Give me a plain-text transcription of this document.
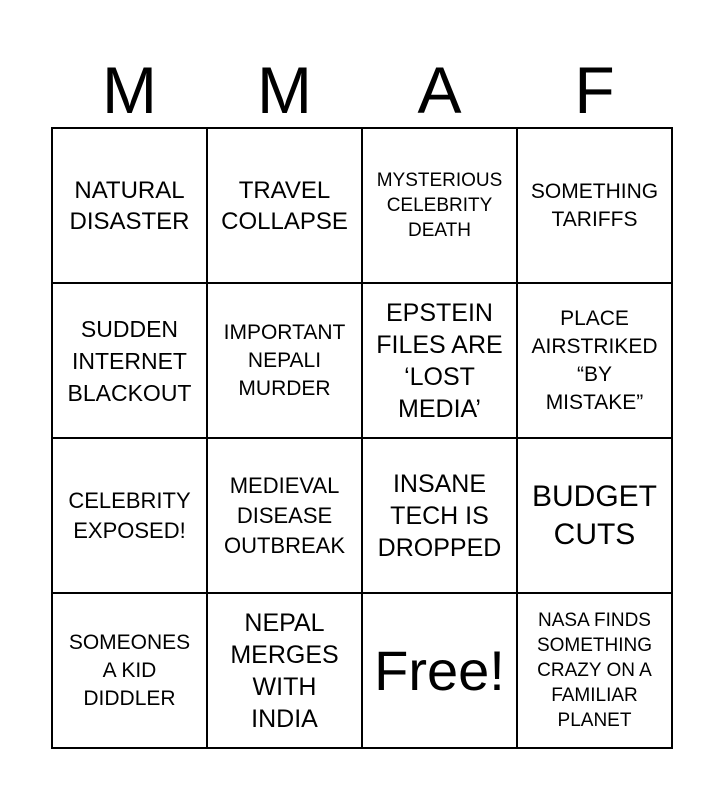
M	M	A	F
NATURAL
DISASTER
TRAVEL
COLLAPSE
MYSTERIOUS
CELEBRITY
DEATH
SOMETHING
TARIFFS
SUDDEN
INTERNET
BLACKOUT
IMPORTANT
NEPALI
MURDER
EPSTEIN
FILES ARE
‘LOST
MEDIA’
PLACE
AIRSTRIKED
“BY
MISTAKE”
CELEBRITY
EXPOSED!
MEDIEVAL
DISEASE
OUTBREAK
INSANE
TECH IS
DROPPED
BUDGET
CUTS
SOMEONES
A KID
DIDDLER
NEPAL
MERGES
WITH
INDIA
Free!
NASA FINDS
SOMETHING
CRAZY ON A
FAMILIAR
PLANET
